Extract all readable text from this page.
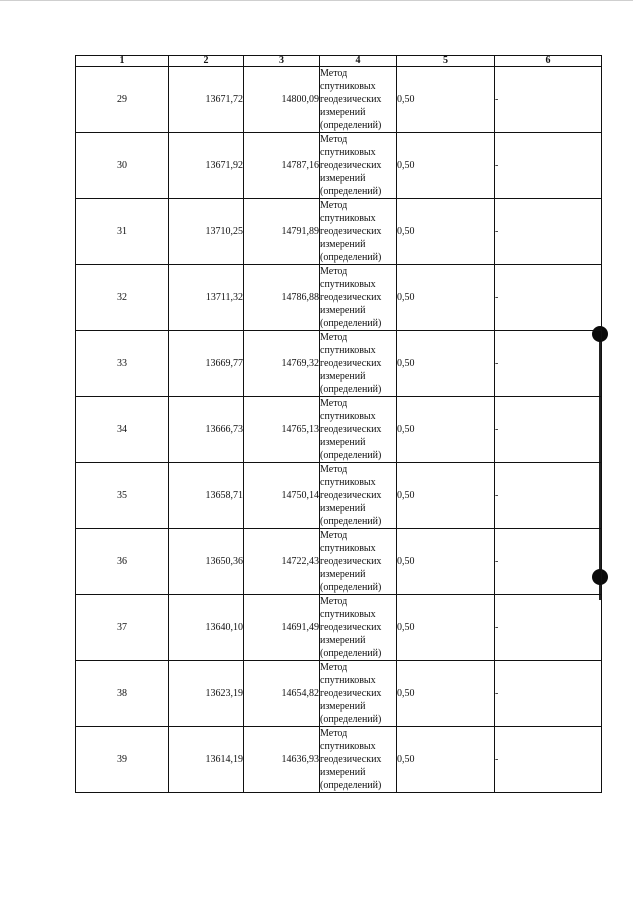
1	2	3	4	5	6
29	13671,72	14800,09	Метод
спутниковых
геодезических
измерений
(определений)	0,50	-
30	13671,92	14787,16	Метод
спутниковых
геодезических
измерений
(определений)	0,50	-
31	13710,25	14791,89	Метод
спутниковых
геодезических
измерений
(определений)	0,50	-
32	13711,32	14786,88	Метод
спутниковых
геодезических
измерений
(определений)	0,50	-
33	13669,77	14769,32	Метод
спутниковых
геодезических
измерений
(определений)	0,50	-
34	13666,73	14765,13	Метод
спутниковых
геодезических
измерений
(определений)	0,50	-
35	13658,71	14750,14	Метод
спутниковых
геодезических
измерений
(определений)	0,50	-
36	13650,36	14722,43	Метод
спутниковых
геодезических
измерений
(определений)	0,50	-
37	13640,10	14691,49	Метод
спутниковых
геодезических
измерений
(определений)	0,50	-
38	13623,19	14654,82	Метод
спутниковых
геодезических
измерений
(определений)	0,50	-
39	13614,19	14636,93	Метод
спутниковых
геодезических
измерений
(определений)	0,50	-
